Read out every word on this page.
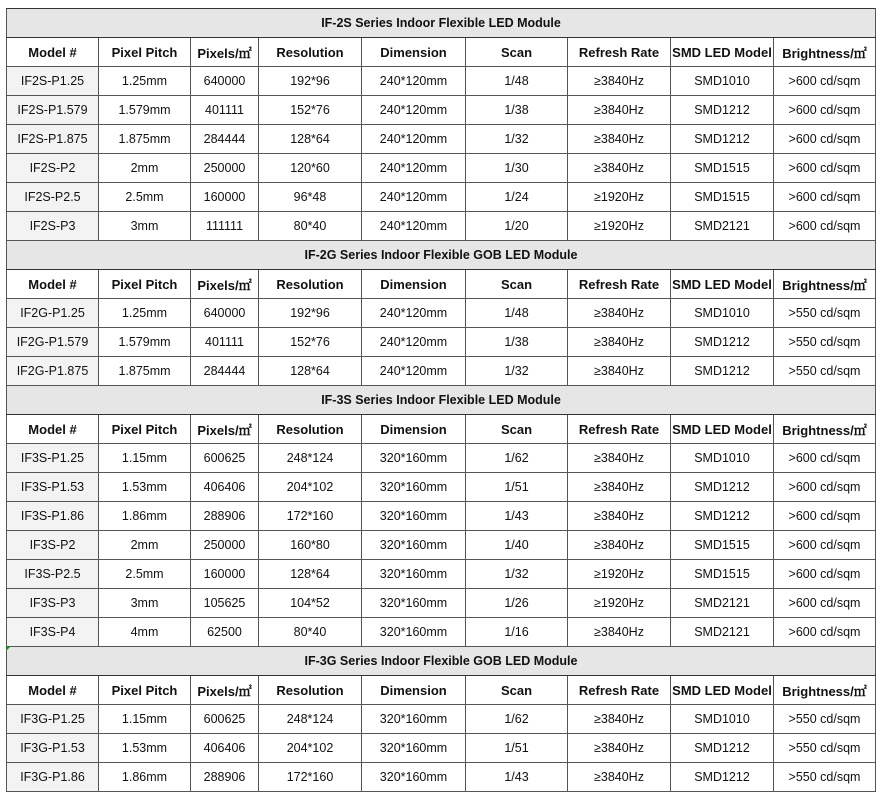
IF-2S Series Indoor Flexible LED Module								
Model #	Pixel Pitch	Pixels/㎡	Resolution	Dimension	Scan	Refresh Rate	SMD LED Model	Brightness/㎡
IF2S-P1.25	1.25mm	640000	192*96	240*120mm	1/48	≥3840Hz	SMD1010	>600 cd/sqm
IF2S-P1.579	1.579mm	401111	152*76	240*120mm	1/38	≥3840Hz	SMD1212	>600 cd/sqm
IF2S-P1.875	1.875mm	284444	128*64	240*120mm	1/32	≥3840Hz	SMD1212	>600 cd/sqm
IF2S-P2	2mm	250000	120*60	240*120mm	1/30	≥3840Hz	SMD1515	>600 cd/sqm
IF2S-P2.5	2.5mm	160000	96*48	240*120mm	1/24	≥1920Hz	SMD1515	>600 cd/sqm
IF2S-P3	3mm	111111	80*40	240*120mm	1/20	≥1920Hz	SMD2121	>600 cd/sqm
IF-2G Series Indoor Flexible GOB LED Module								
Model #	Pixel Pitch	Pixels/㎡	Resolution	Dimension	Scan	Refresh Rate	SMD LED Model	Brightness/㎡
IF2G-P1.25	1.25mm	640000	192*96	240*120mm	1/48	≥3840Hz	SMD1010	>550 cd/sqm
IF2G-P1.579	1.579mm	401111	152*76	240*120mm	1/38	≥3840Hz	SMD1212	>550 cd/sqm
IF2G-P1.875	1.875mm	284444	128*64	240*120mm	1/32	≥3840Hz	SMD1212	>550 cd/sqm
IF-3S Series Indoor Flexible LED Module								
Model #	Pixel Pitch	Pixels/㎡	Resolution	Dimension	Scan	Refresh Rate	SMD LED Model	Brightness/㎡
IF3S-P1.25	1.15mm	600625	248*124	320*160mm	1/62	≥3840Hz	SMD1010	>600 cd/sqm
IF3S-P1.53	1.53mm	406406	204*102	320*160mm	1/51	≥3840Hz	SMD1212	>600 cd/sqm
IF3S-P1.86	1.86mm	288906	172*160	320*160mm	1/43	≥3840Hz	SMD1212	>600 cd/sqm
IF3S-P2	2mm	250000	160*80	320*160mm	1/40	≥3840Hz	SMD1515	>600 cd/sqm
IF3S-P2.5	2.5mm	160000	128*64	320*160mm	1/32	≥1920Hz	SMD1515	>600 cd/sqm
IF3S-P3	3mm	105625	104*52	320*160mm	1/26	≥1920Hz	SMD2121	>600 cd/sqm
IF3S-P4	4mm	62500	80*40	320*160mm	1/16	≥3840Hz	SMD2121	>600 cd/sqm
IF-3G Series Indoor Flexible GOB LED Module								
Model #	Pixel Pitch	Pixels/㎡	Resolution	Dimension	Scan	Refresh Rate	SMD LED Model	Brightness/㎡
IF3G-P1.25	1.15mm	600625	248*124	320*160mm	1/62	≥3840Hz	SMD1010	>550 cd/sqm
IF3G-P1.53	1.53mm	406406	204*102	320*160mm	1/51	≥3840Hz	SMD1212	>550 cd/sqm
IF3G-P1.86	1.86mm	288906	172*160	320*160mm	1/43	≥3840Hz	SMD1212	>550 cd/sqm
